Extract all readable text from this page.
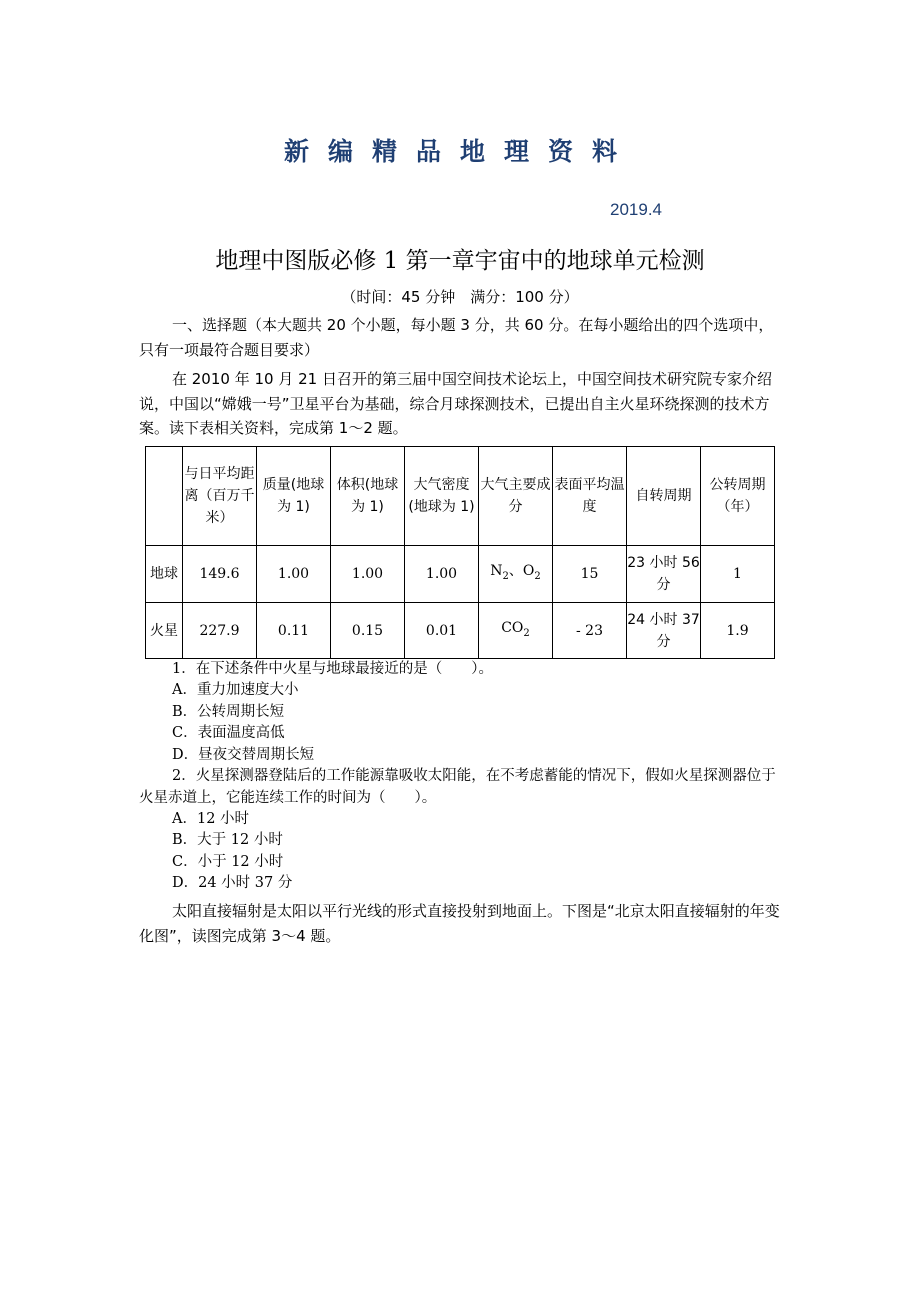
新编精品地理资料
2019.4
地理中图版必修 1 第一章宇宙中的地球单元检测
（时间：45 分钟　满分：100 分）
一、选择题（本大题共 20 个小题，每小题 3 分，共 60 分。在每小题给出的四个选项中，只有一项最符合题目要求）
在 2010 年 10 月 21 日召开的第三届中国空间技术论坛上，中国空间技术研究院专家介绍说，中国以“嫦娥一号”卫星平台为基础，综合月球探测技术，已提出自主火星环绕探测的技术方案。读下表相关资料，完成第 1～2 题。
	与日平均距离（百万千米）	质量(地球为 1)	体积(地球为 1)	大气密度(地球为 1)	大气主要成分	表面平均温度	自转周期	公转周期（年）
地球	149.6	1.00	1.00	1.00	$N_2$、$O_2$	15	23 小时 56 分	1
火星	227.9	0.11	0.15	0.01	$CO_2$	- 23	24 小时 37 分	1.9
1．在下述条件中火星与地球最接近的是（　　）。
A．重力加速度大小
B．公转周期长短
C．表面温度高低
D．昼夜交替周期长短
2．火星探测器登陆后的工作能源靠吸收太阳能，在不考虑蓄能的情况下，假如火星探测器位于火星赤道上，它能连续工作的时间为（　　）。
A．12 小时
B．大于 12 小时
C．小于 12 小时
D．24 小时 37 分
太阳直接辐射是太阳以平行光线的形式直接投射到地面上。下图是“北京太阳直接辐射的年变化图”，读图完成第 3～4 题。
